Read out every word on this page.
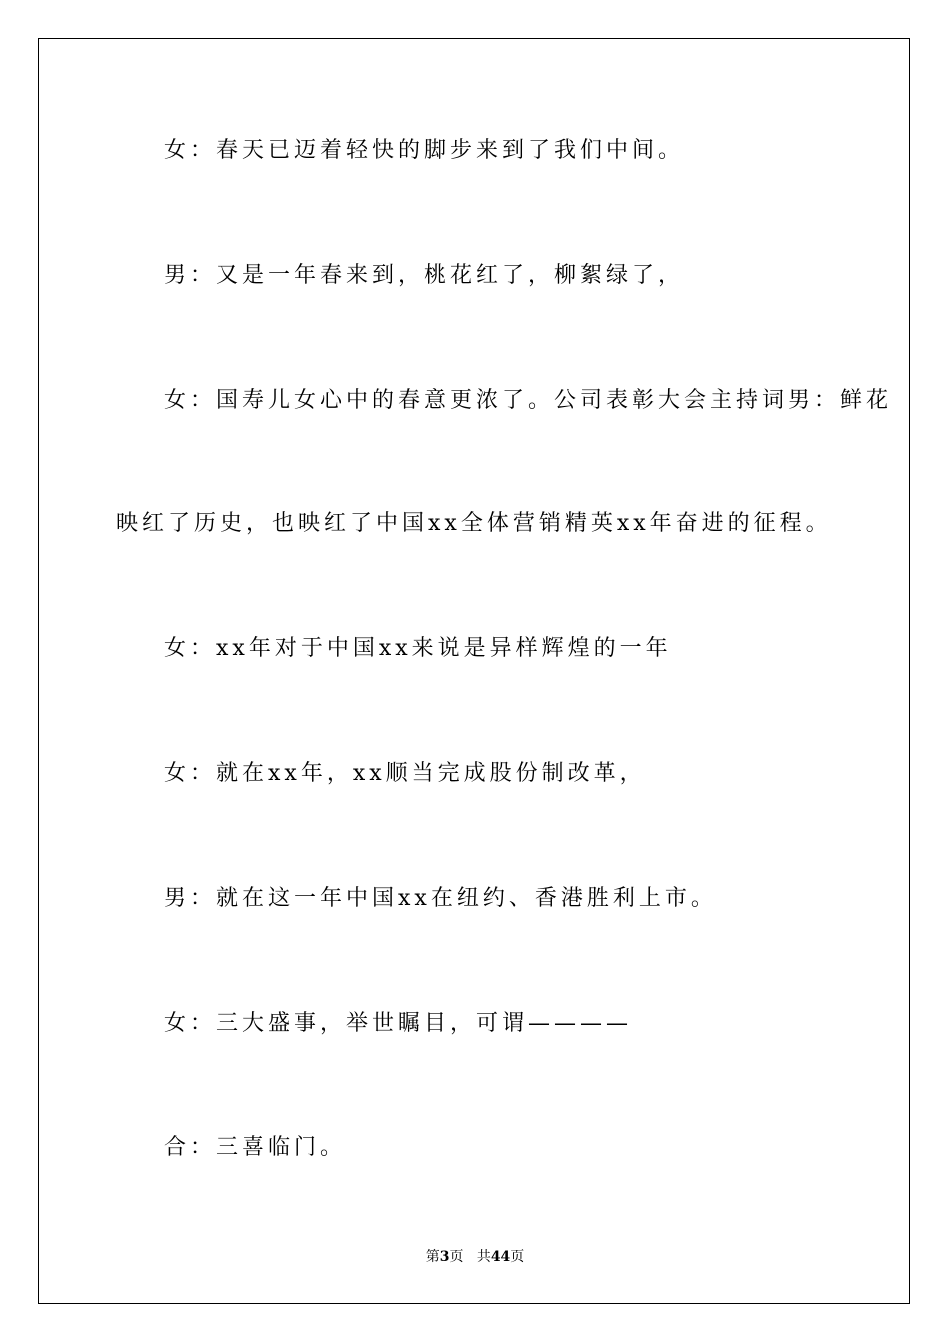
女：春天已迈着轻快的脚步来到了我们中间。

男：又是一年春来到，桃花红了，柳絮绿了，

女：国寿儿女心中的春意更浓了。公司表彰大会主持词男：鲜花

映红了历史，也映红了中国xx全体营销精英xx年奋进的征程。

女：xx年对于中国xx来说是异样辉煌的一年

女：就在xx年，xx顺当完成股份制改革，

男：就在这一年中国xx在纽约、香港胜利上市。

女：三大盛事，举世瞩目，可谓————

合：三喜临门。

第3页 共44页
